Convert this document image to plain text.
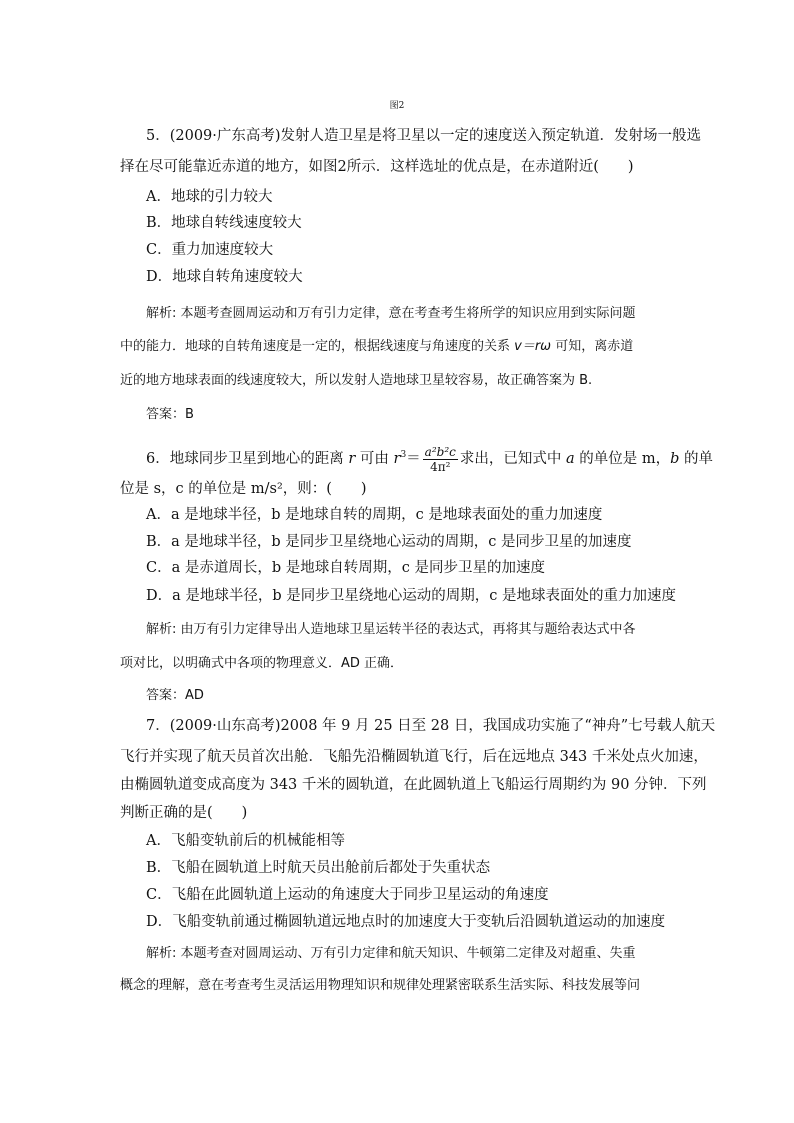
图2
5．(2009·广东高考)发射人造卫星是将卫星以一定的速度送入预定轨道．发射场一般选
择在尽可能靠近赤道的地方，如图2所示．这样选址的优点是，在赤道附近(　　)
A．地球的引力较大
B．地球自转线速度较大
C．重力加速度较大
D．地球自转角速度较大
解析: 本题考查圆周运动和万有引力定律，意在考查考生将所学的知识应用到实际问题
中的能力．地球的自转角速度是一定的，根据线速度与角速度的关系 v＝rω 可知，离赤道
近的地方地球表面的线速度较大，所以发射人造地球卫星较容易，故正确答案为 B.
答案：B
6．地球同步卫星到地心的距离 r 可由 $r^3= \frac{\text{a²b²c}}{\text{4π²}}$ 求出，已知式中 a 的单位是 m，b 的单
位是 s，c 的单位是 m/s²，则：(　　)
A．a 是地球半径，b 是地球自转的周期，c 是地球表面处的重力加速度
B．a 是地球半径，b 是同步卫星绕地心运动的周期，c 是同步卫星的加速度
C．a 是赤道周长，b 是地球自转周期，c 是同步卫星的加速度
D．a 是地球半径，b 是同步卫星绕地心运动的周期，c 是地球表面处的重力加速度
解析: 由万有引力定律导出人造地球卫星运转半径的表达式，再将其与题给表达式中各
项对比，以明确式中各项的物理意义．AD 正确．
答案：AD
7．(2009·山东高考)2008 年 9 月 25 日至 28 日，我国成功实施了“神舟”七号载人航天
飞行并实现了航天员首次出舱．飞船先沿椭圆轨道飞行，后在远地点 343 千米处点火加速，
由椭圆轨道变成高度为 343 千米的圆轨道，在此圆轨道上飞船运行周期约为 90 分钟．下列
判断正确的是(　　)
A．飞船变轨前后的机械能相等
B．飞船在圆轨道上时航天员出舱前后都处于失重状态
C．飞船在此圆轨道上运动的角速度大于同步卫星运动的角速度
D．飞船变轨前通过椭圆轨道远地点时的加速度大于变轨后沿圆轨道运动的加速度
解析: 本题考查对圆周运动、万有引力定律和航天知识、牛顿第二定律及对超重、失重
概念的理解，意在考查考生灵活运用物理知识和规律处理紧密联系生活实际、科技发展等问
